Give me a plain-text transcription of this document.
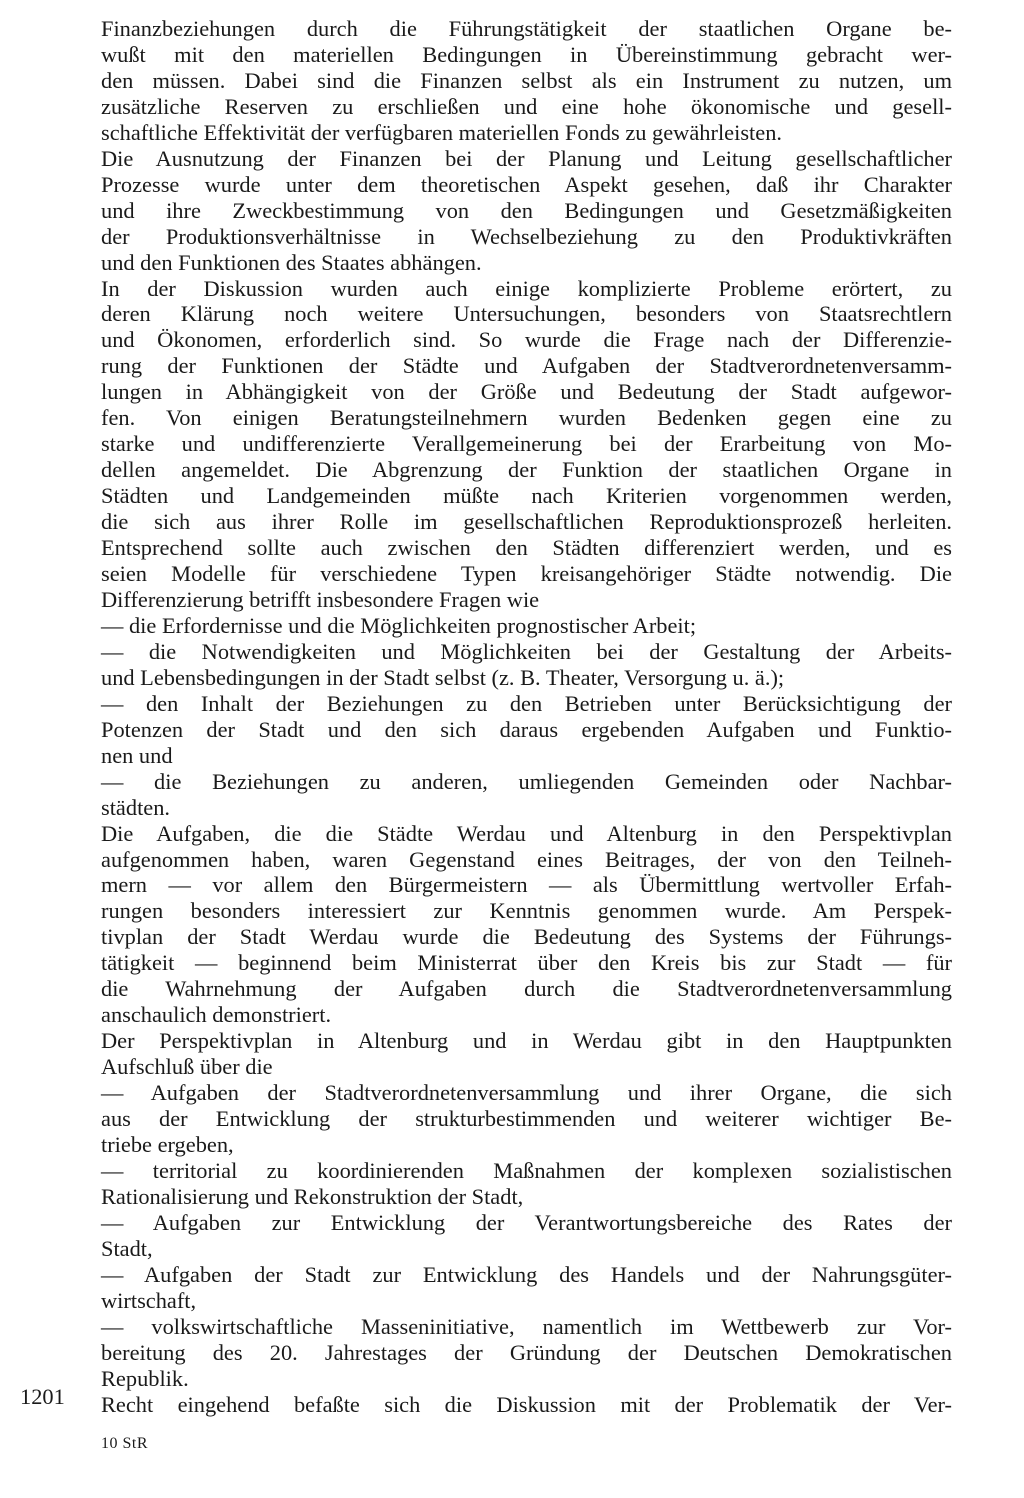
Finanzbeziehungen durch die Führungstätigkeit der staatlichen Organe be-
wußt mit den materiellen Bedingungen in Übereinstimmung gebracht wer-
den müssen. Dabei sind die Finanzen selbst als ein Instrument zu nutzen, um
zusätzliche Reserven zu erschließen und eine hohe ökonomische und gesell-
schaftliche Effektivität der verfügbaren materiellen Fonds zu gewährleisten.
Die Ausnutzung der Finanzen bei der Planung und Leitung gesellschaftlicher
Prozesse wurde unter dem theoretischen Aspekt gesehen, daß ihr Charakter
und ihre Zweckbestimmung von den Bedingungen und Gesetzmäßigkeiten
der Produktionsverhältnisse in Wechselbeziehung zu den Produktivkräften
und den Funktionen des Staates abhängen.
In der Diskussion wurden auch einige komplizierte Probleme erörtert, zu
deren Klärung noch weitere Untersuchungen, besonders von Staatsrechtlern
und Ökonomen, erforderlich sind. So wurde die Frage nach der Differenzie-
rung der Funktionen der Städte und Aufgaben der Stadtverordnetenversamm-
lungen in Abhängigkeit von der Größe und Bedeutung der Stadt aufgewor-
fen. Von einigen Beratungsteilnehmern wurden Bedenken gegen eine zu
starke und undifferenzierte Verallgemeinerung bei der Erarbeitung von Mo-
dellen angemeldet. Die Abgrenzung der Funktion der staatlichen Organe in
Städten und Landgemeinden müßte nach Kriterien vorgenommen werden,
die sich aus ihrer Rolle im gesellschaftlichen Reproduktionsprozeß herleiten.
Entsprechend sollte auch zwischen den Städten differenziert werden, und es
seien Modelle für verschiedene Typen kreisangehöriger Städte notwendig. Die
Differenzierung betrifft insbesondere Fragen wie
— die Erfordernisse und die Möglichkeiten prognostischer Arbeit;
— die Notwendigkeiten und Möglichkeiten bei der Gestaltung der Arbeits-
und Lebensbedingungen in der Stadt selbst (z. B. Theater, Versorgung u. ä.);
— den Inhalt der Beziehungen zu den Betrieben unter Berücksichtigung der
Potenzen der Stadt und den sich daraus ergebenden Aufgaben und Funktio-
nen und
— die Beziehungen zu anderen, umliegenden Gemeinden oder Nachbar-
städten.
Die Aufgaben, die die Städte Werdau und Altenburg in den Perspektivplan
aufgenommen haben, waren Gegenstand eines Beitrages, der von den Teilneh-
mern — vor allem den Bürgermeistern — als Übermittlung wertvoller Erfah-
rungen besonders interessiert zur Kenntnis genommen wurde. Am Perspek-
tivplan der Stadt Werdau wurde die Bedeutung des Systems der Führungs-
tätigkeit — beginnend beim Ministerrat über den Kreis bis zur Stadt — für
die Wahrnehmung der Aufgaben durch die Stadtverordnetenversammlung
anschaulich demonstriert.
Der Perspektivplan in Altenburg und in Werdau gibt in den Hauptpunkten
Aufschluß über die
— Aufgaben der Stadtverordnetenversammlung und ihrer Organe, die sich
aus der Entwicklung der strukturbestimmenden und weiterer wichtiger Be-
triebe ergeben,
— territorial zu koordinierenden Maßnahmen der komplexen sozialistischen
Rationalisierung und Rekonstruktion der Stadt,
— Aufgaben zur Entwicklung der Verantwortungsbereiche des Rates der
Stadt,
— Aufgaben der Stadt zur Entwicklung des Handels und der Nahrungsgüter-
wirtschaft,
— volkswirtschaftliche Masseninitiative, namentlich im Wettbewerb zur Vor-
bereitung des 20. Jahrestages der Gründung der Deutschen Demokratischen
Republik.
Recht eingehend befaßte sich die Diskussion mit der Problematik der Ver-
1201
10 StR
